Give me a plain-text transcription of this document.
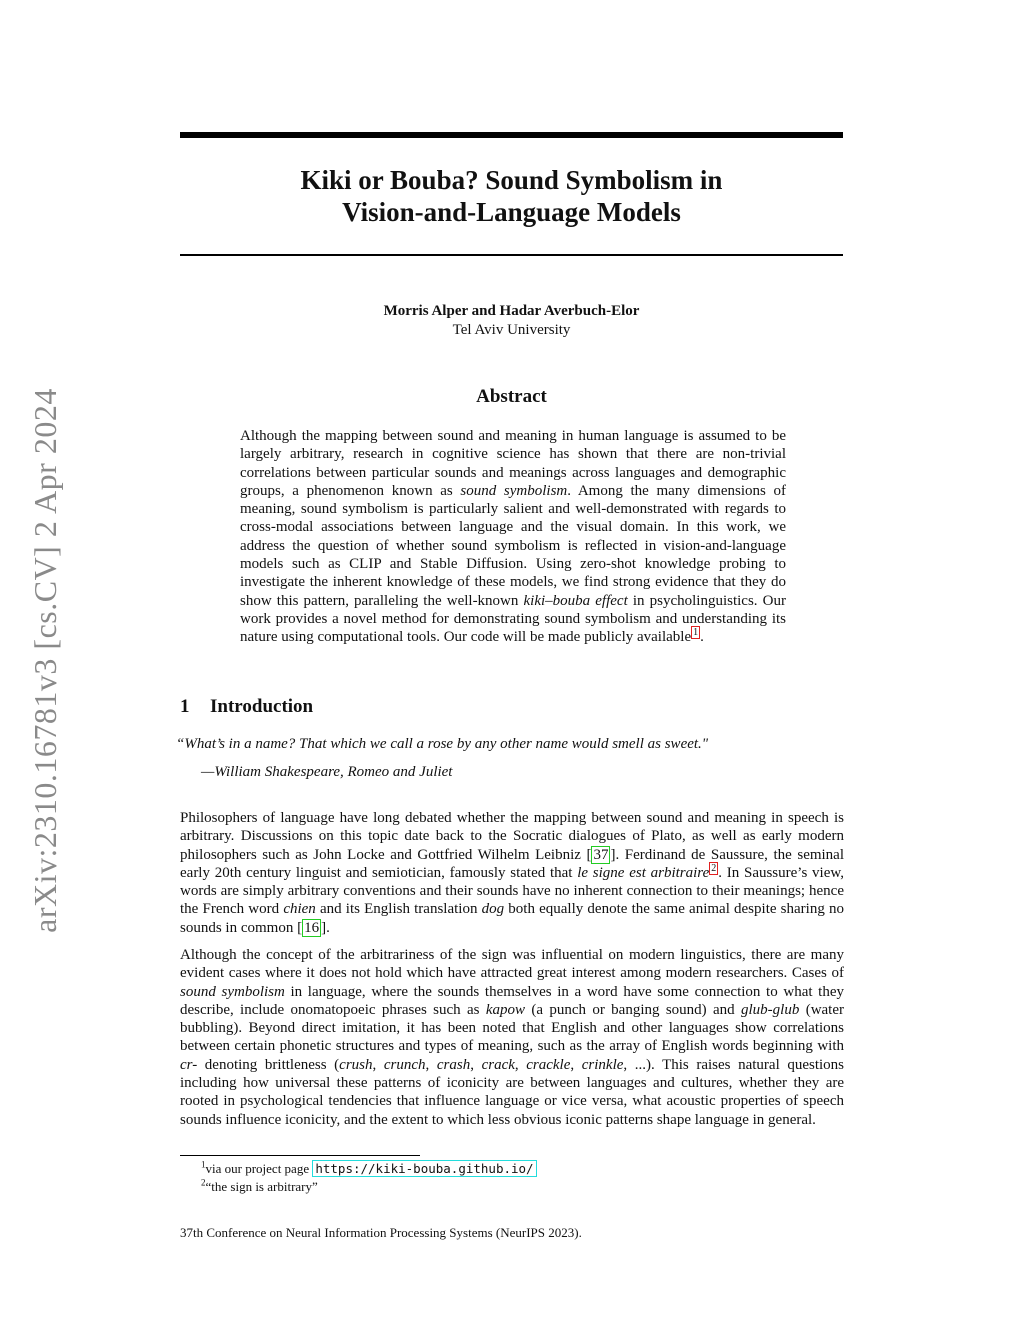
arXiv:2310.16781v3 [cs.CV] 2 Apr 2024
Kiki or Bouba? Sound Symbolism in
Vision-and-Language Models
Morris Alper and Hadar Averbuch-Elor
Tel Aviv University
Abstract

Although the mapping between sound and meaning in human language is assumed to be largely arbitrary, research in cognitive science has shown that there are non-trivial correlations between particular sounds and meanings across languages and demographic groups, a phenomenon known as sound symbolism. Among the many dimensions of meaning, sound symbolism is particularly salient and well-demonstrated with regards to cross-modal associations between language and the visual domain. In this work, we address the question of whether sound symbolism is reflected in vision-and-language models such as CLIP and Stable Diffusion. Using zero-shot knowledge probing to investigate the inherent knowledge of these models, we find strong evidence that they do show this pattern, paralleling the well-known kiki–bouba effect in psycholinguistics. Our work provides a novel method for demonstrating sound symbolism and understanding its nature using computational tools. Our code will be made publicly available $^1$ .

1 Introduction
“What’s in a name? That which we call a rose by any other name would smell as sweet."
—William Shakespeare, Romeo and Juliet

Philosophers of language have long debated whether the mapping between sound and meaning in speech is arbitrary. Discussions on this topic date back to the Socratic dialogues of Plato, as well as early modern philosophers such as John Locke and Gottfried Wilhelm Leibniz [ 37 ]. Ferdinand de Saussure, the seminal early 20th century linguist and semiotician, famously stated that le signe est arbitraire $^2$ . In Saussure’s view, words are simply arbitrary conventions and their sounds have no inherent connection to their meanings; hence the French word chien and its English translation dog both equally denote the same animal despite sharing no sounds in common [ 16 ].

Although the concept of the arbitrariness of the sign was influential on modern linguistics, there are many evident cases where it does not hold which have attracted great interest among modern researchers. Cases of sound symbolism in language, where the sounds themselves in a word have some connection to what they describe, include onomatopoeic phrases such as kapow (a punch or banging sound) and glub-glub (water bubbling). Beyond direct imitation, it has been noted that English and other languages show correlations between certain phonetic structures and types of meaning, such as the array of English words beginning with cr- denoting brittleness (crush, crunch, crash, crack, crackle, crinkle, ...). This raises natural questions including how universal these patterns of iconicity are between languages and cultures, whether they are rooted in psychological tendencies that influence language or vice versa, what acoustic properties of speech sounds influence iconicity, and the extent to which less obvious iconic patterns shape language in general.

$^1$via our project page https://kiki-bouba.github.io/
$^2$“the sign is arbitrary”
37th Conference on Neural Information Processing Systems (NeurIPS 2023).
